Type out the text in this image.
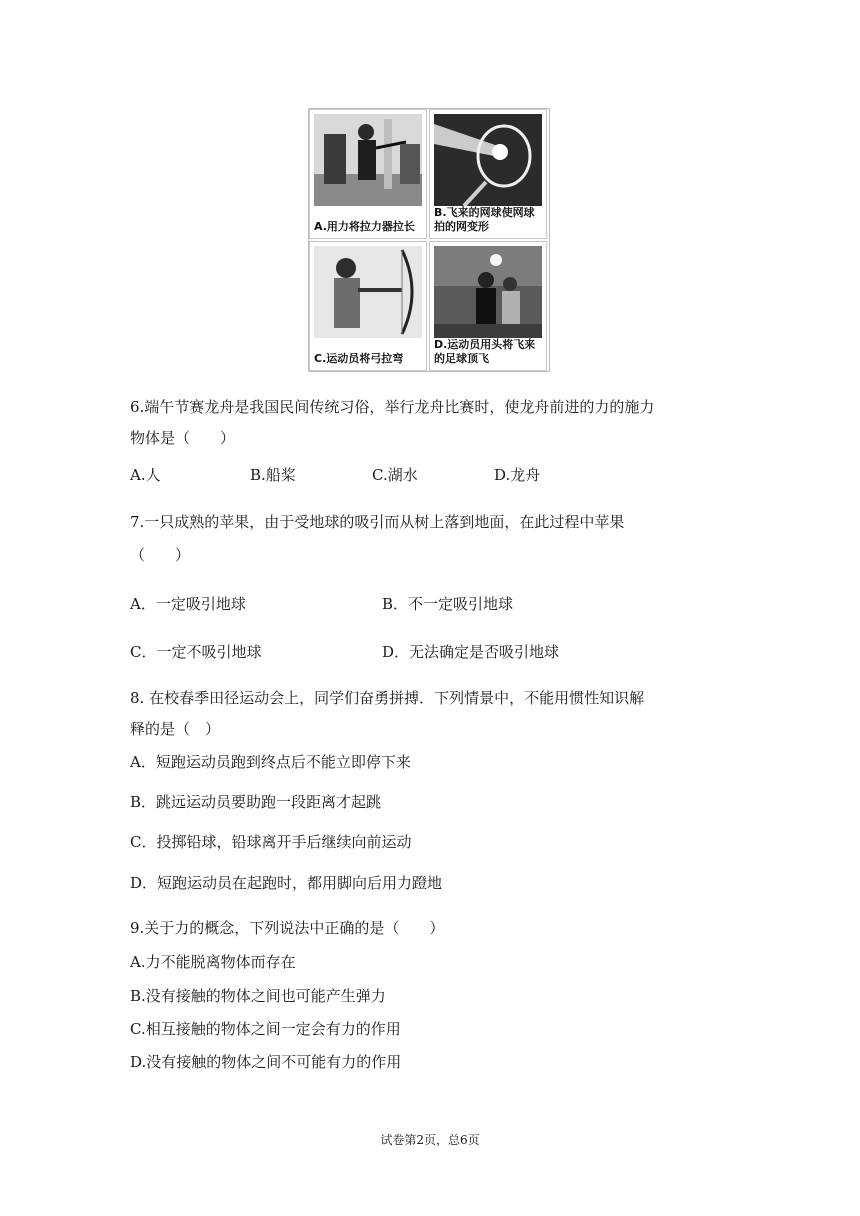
A.用力将拉力器拉长
B.飞来的网球使网球拍的网变形
C.运动员将弓拉弯
D.运动员用头将飞来的足球顶飞
6.端午节赛龙舟是我国民间传统习俗，举行龙舟比赛时，使龙舟前进的力的施力
物体是（　　）
A.人	B.船桨	C.湖水	D.龙舟
7.一只成熟的苹果，由于受地球的吸引而从树上落到地面，在此过程中苹果
（　　）
A．一定吸引地球	B．不一定吸引地球
C．一定不吸引地球	D．无法确定是否吸引地球
8. 在校春季田径运动会上，同学们奋勇拼搏．下列情景中，不能用惯性知识解
释的是（　）
A．短跑运动员跑到终点后不能立即停下来
B．跳远运动员要助跑一段距离才起跳
C．投掷铅球，铅球离开手后继续向前运动
D．短跑运动员在起跑时，都用脚向后用力蹬地
9.关于力的概念，下列说法中正确的是（　　）
A.力不能脱离物体而存在
B.没有接触的物体之间也可能产生弹力
C.相互接触的物体之间一定会有力的作用
D.没有接触的物体之间不可能有力的作用
试卷第2页，总6页
